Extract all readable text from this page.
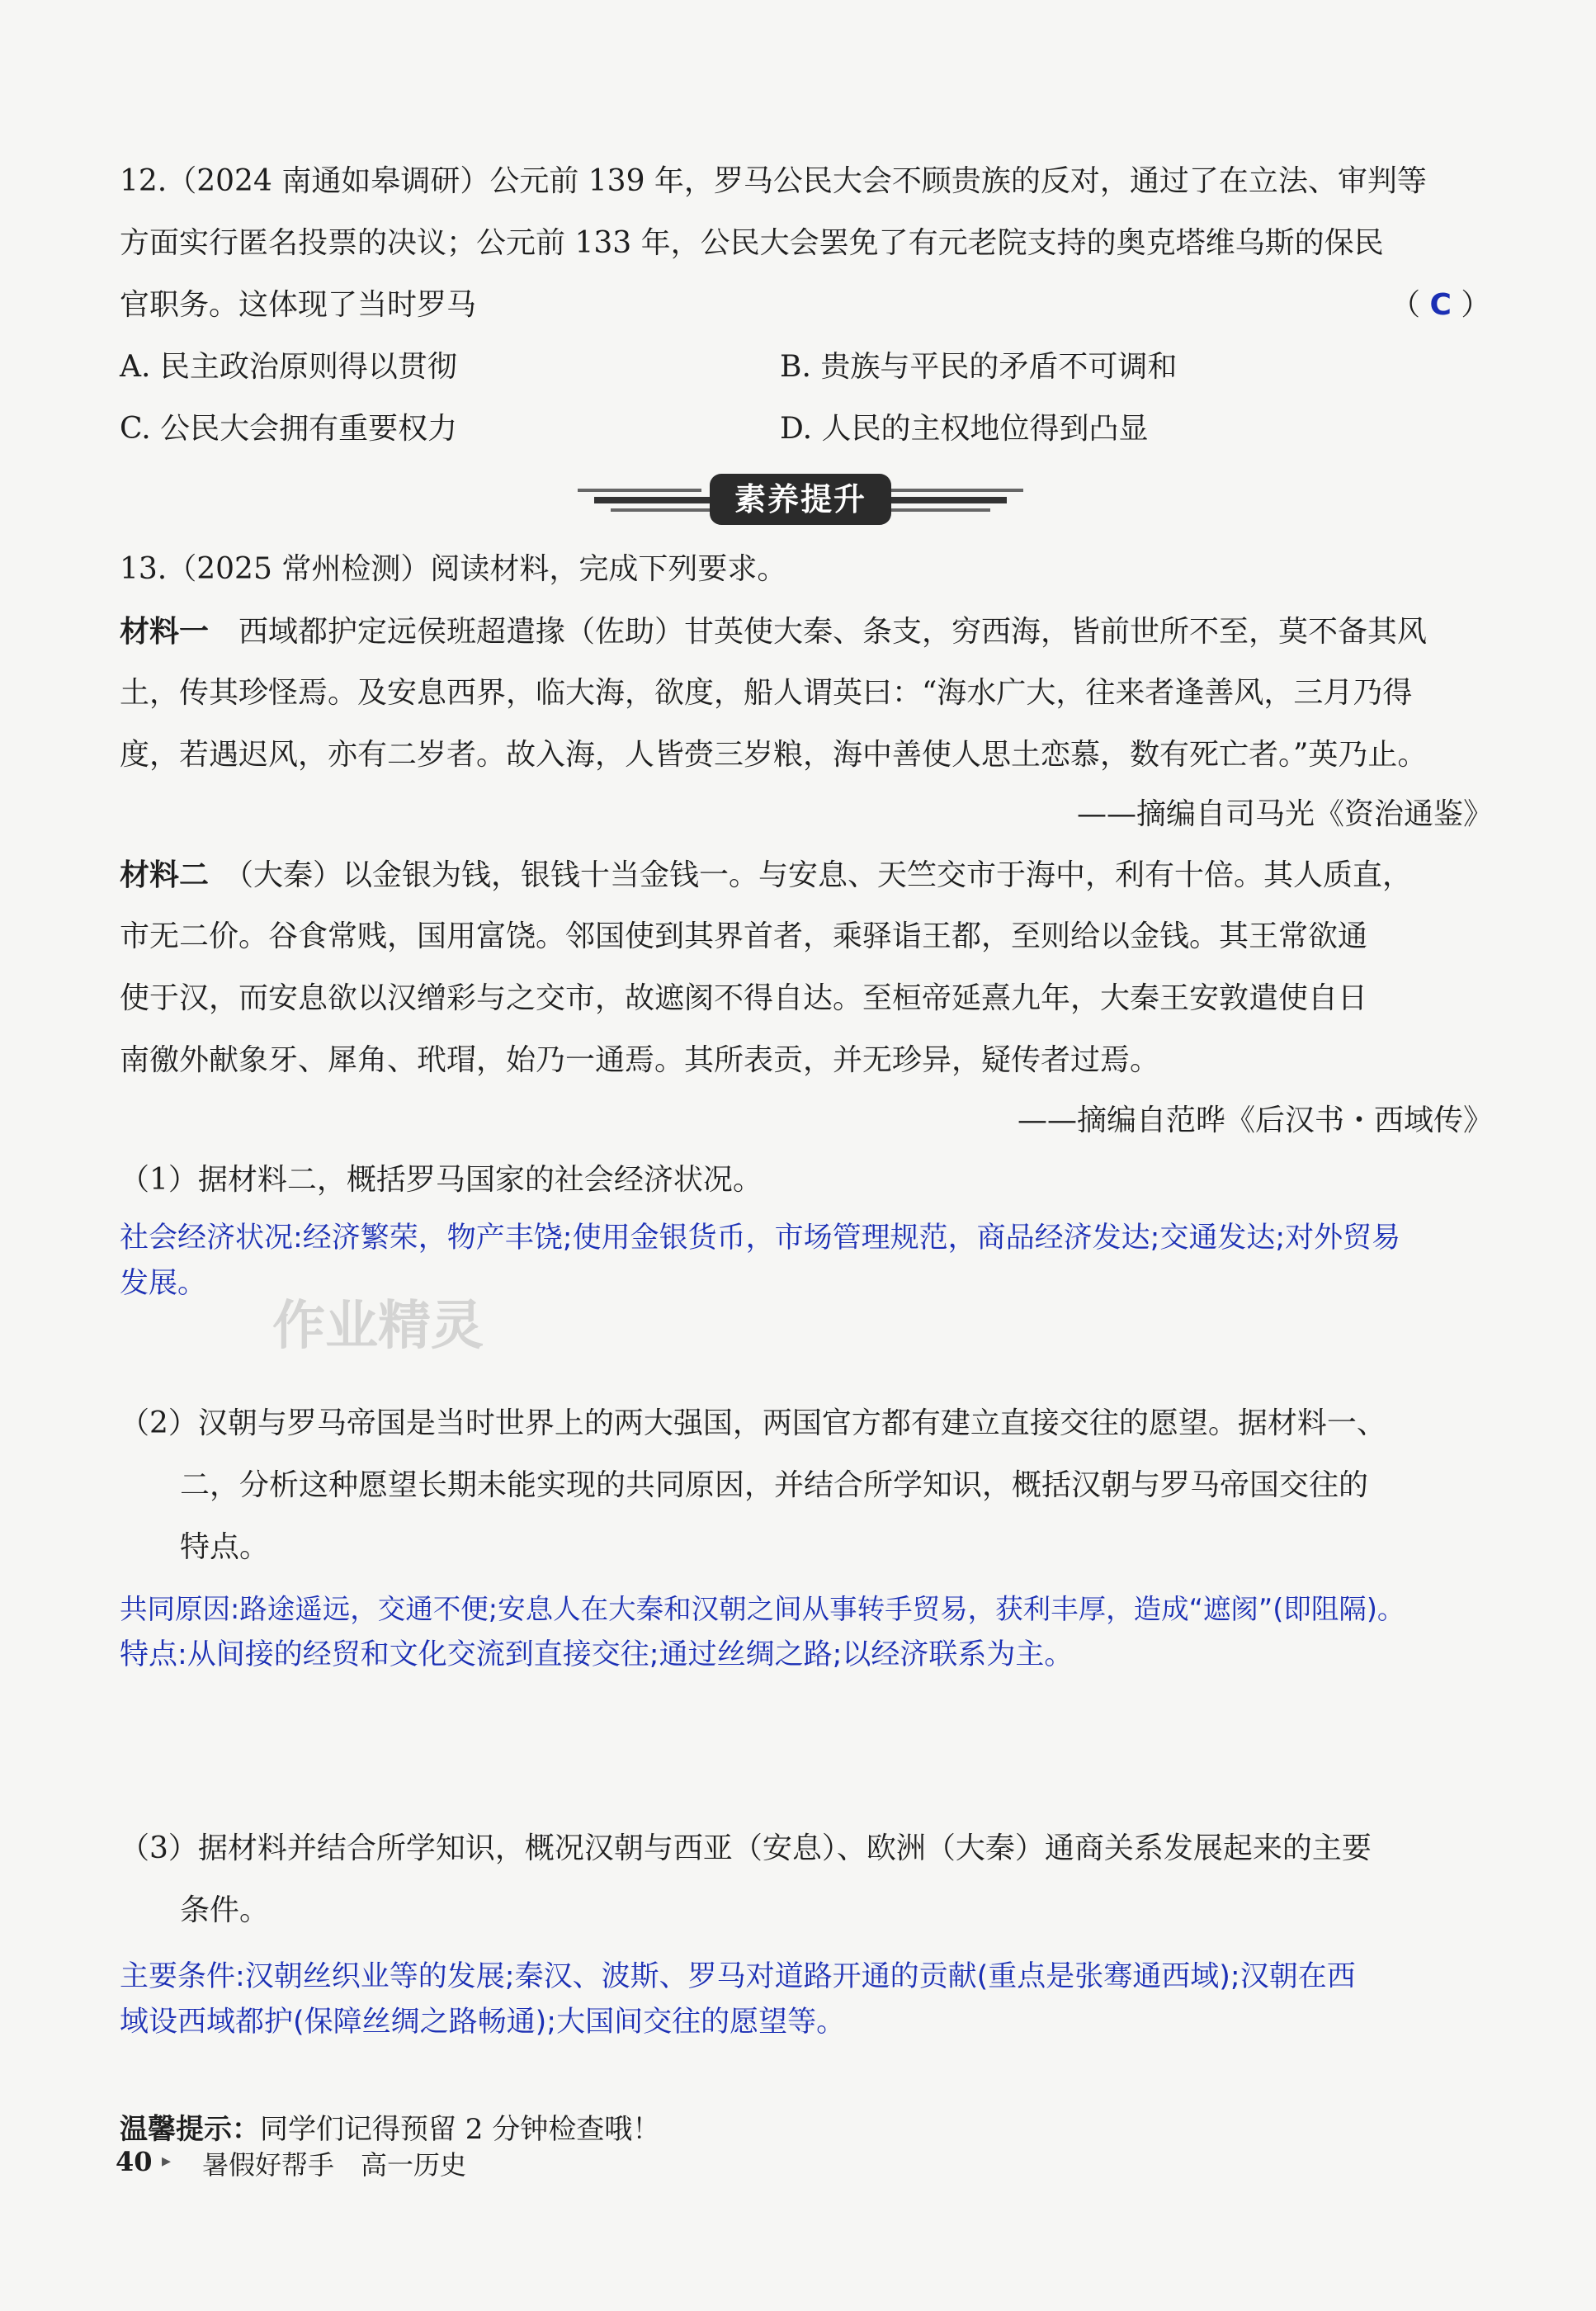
12.（2024 南通如皋调研）公元前 139 年，罗马公民大会不顾贵族的反对，通过了在立法、审判等
方面实行匿名投票的决议；公元前 133 年，公民大会罢免了有元老院支持的奥克塔维乌斯的保民
官职务。这体现了当时罗马	（ C ）
A. 民主政治原则得以贯彻	B. 贵族与平民的矛盾不可调和
C. 公民大会拥有重要权力	D. 人民的主权地位得到凸显
素养提升
13.（2025 常州检测）阅读材料，完成下列要求。
材料一　西域都护定远侯班超遣掾（佐助）甘英使大秦、条支，穷西海，皆前世所不至，莫不备其风
土，传其珍怪焉。及安息西界，临大海，欲度，船人谓英曰：“海水广大，往来者逢善风，三月乃得
度，若遇迟风，亦有二岁者。故入海，人皆赍三岁粮，海中善使人思土恋慕，数有死亡者。”英乃止。
——摘编自司马光《资治通鉴》
材料二　（大秦）以金银为钱，银钱十当金钱一。与安息、天竺交市于海中，利有十倍。其人质直，
市无二价。谷食常贱，国用富饶。邻国使到其界首者，乘驿诣王都，至则给以金钱。其王常欲通
使于汉，而安息欲以汉缯彩与之交市，故遮阂不得自达。至桓帝延熹九年，大秦王安敦遣使自日
南徼外献象牙、犀角、玳瑁，始乃一通焉。其所表贡，并无珍异，疑传者过焉。
——摘编自范晔《后汉书・西域传》
（1）据材料二，概括罗马国家的社会经济状况。
社会经济状况:经济繁荣，物产丰饶;使用金银货币，市场管理规范，商品经济发达;交通发达;对外贸易
发展。
（2）汉朝与罗马帝国是当时世界上的两大强国，两国官方都有建立直接交往的愿望。据材料一、
二，分析这种愿望长期未能实现的共同原因，并结合所学知识，概括汉朝与罗马帝国交往的
特点。
共同原因:路途遥远，交通不便;安息人在大秦和汉朝之间从事转手贸易，获利丰厚，造成“遮阂”(即阻隔)。
特点:从间接的经贸和文化交流到直接交往;通过丝绸之路;以经济联系为主。
（3）据材料并结合所学知识，概况汉朝与西亚（安息）、欧洲（大秦）通商关系发展起来的主要
条件。
主要条件:汉朝丝织业等的发展;秦汉、波斯、罗马对道路开通的贡献(重点是张骞通西域);汉朝在西
域设西域都护(保障丝绸之路畅通);大国间交往的愿望等。
温馨提示：同学们记得预留 2 分钟检查哦！
40 ▸ 暑假好帮手　高一历史
作业精灵
